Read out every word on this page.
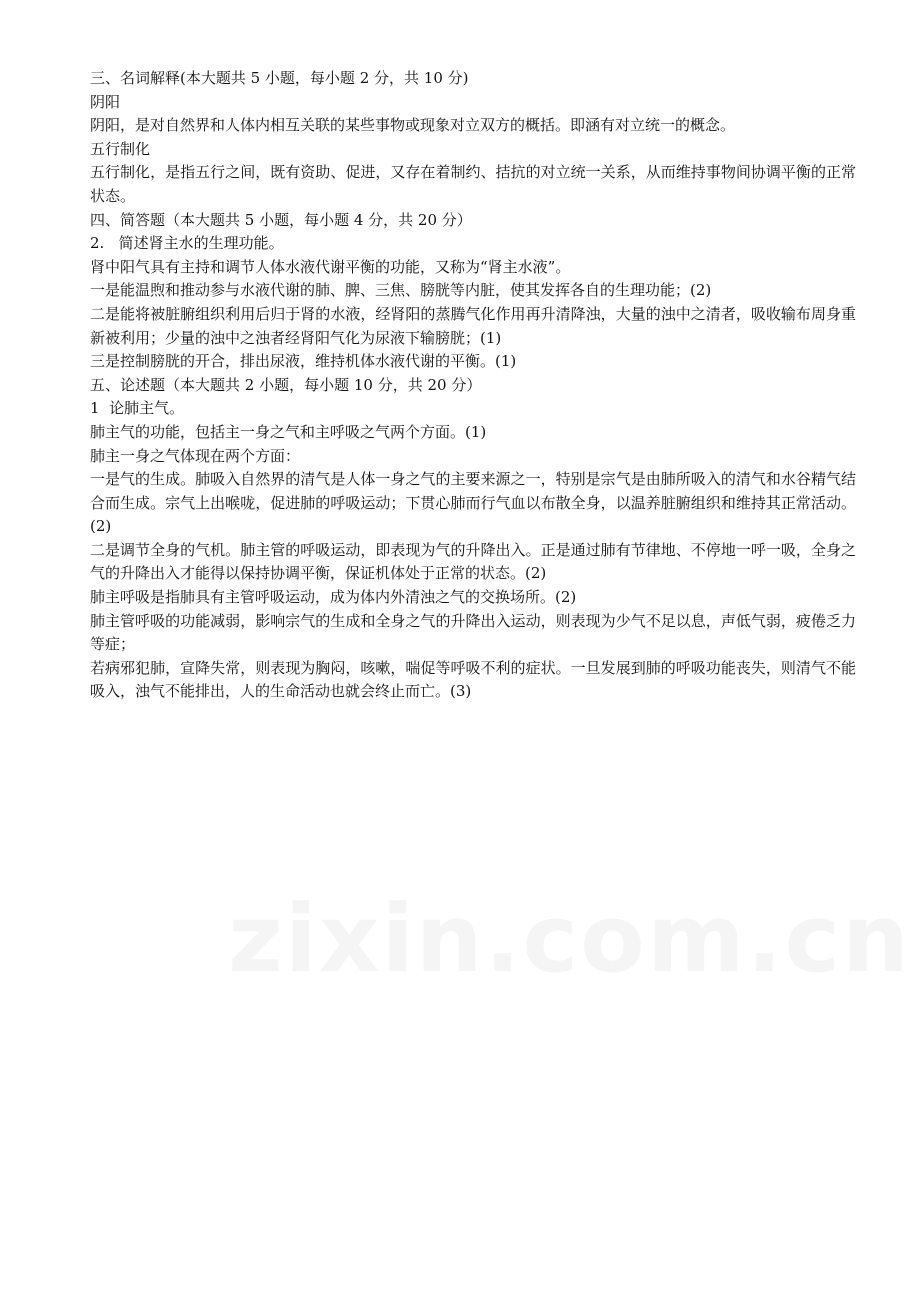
三、名词解释(本大题共 5 小题，每小题 2 分，共 10 分)

阴阳

阴阳，是对自然界和人体内相互关联的某些事物或现象对立双方的概括。即涵有对立统一的概念。

五行制化

五行制化，是指五行之间，既有资助、促进，又存在着制约、拮抗的对立统一关系，从而维持事物间协调平衡的正常状态。

四、简答题（本大题共 5 小题，每小题 4 分，共 20 分）

2.   简述肾主水的生理功能。

肾中阳气具有主持和调节人体水液代谢平衡的功能，又称为“肾主水液”。

一是能温煦和推动参与水液代谢的肺、脾、三焦、膀胱等内脏，使其发挥各自的生理功能；(2)

二是能将被脏腑组织利用后归于肾的水液，经肾阳的蒸腾气化作用再升清降浊，大量的浊中之清者，吸收输布周身重新被利用；少量的浊中之浊者经肾阳气化为尿液下输膀胱；(1)

三是控制膀胱的开合，排出尿液，维持机体水液代谢的平衡。(1)

五、论述题（本大题共 2 小题，每小题 10 分，共 20 分）

1  论肺主气。

肺主气的功能，包括主一身之气和主呼吸之气两个方面。(1)

肺主一身之气体现在两个方面：

一是气的生成。肺吸入自然界的清气是人体一身之气的主要来源之一，特别是宗气是由肺所吸入的清气和水谷精气结合而生成。宗气上出喉咙，促进肺的呼吸运动；下贯心肺而行气血以布散全身，以温养脏腑组织和维持其正常活动。(2)

二是调节全身的气机。肺主管的呼吸运动，即表现为气的升降出入。正是通过肺有节律地、不停地一呼一吸，全身之气的升降出入才能得以保持协调平衡，保证机体处于正常的状态。(2)

肺主呼吸是指肺具有主管呼吸运动，成为体内外清浊之气的交换场所。(2)

肺主管呼吸的功能减弱，影响宗气的生成和全身之气的升降出入运动，则表现为少气不足以息，声低气弱，疲倦乏力等症；

若病邪犯肺，宣降失常，则表现为胸闷，咳嗽，喘促等呼吸不利的症状。一旦发展到肺的呼吸功能丧失，则清气不能吸入，浊气不能排出，人的生命活动也就会终止而亡。(3)

zixin.com.cn
